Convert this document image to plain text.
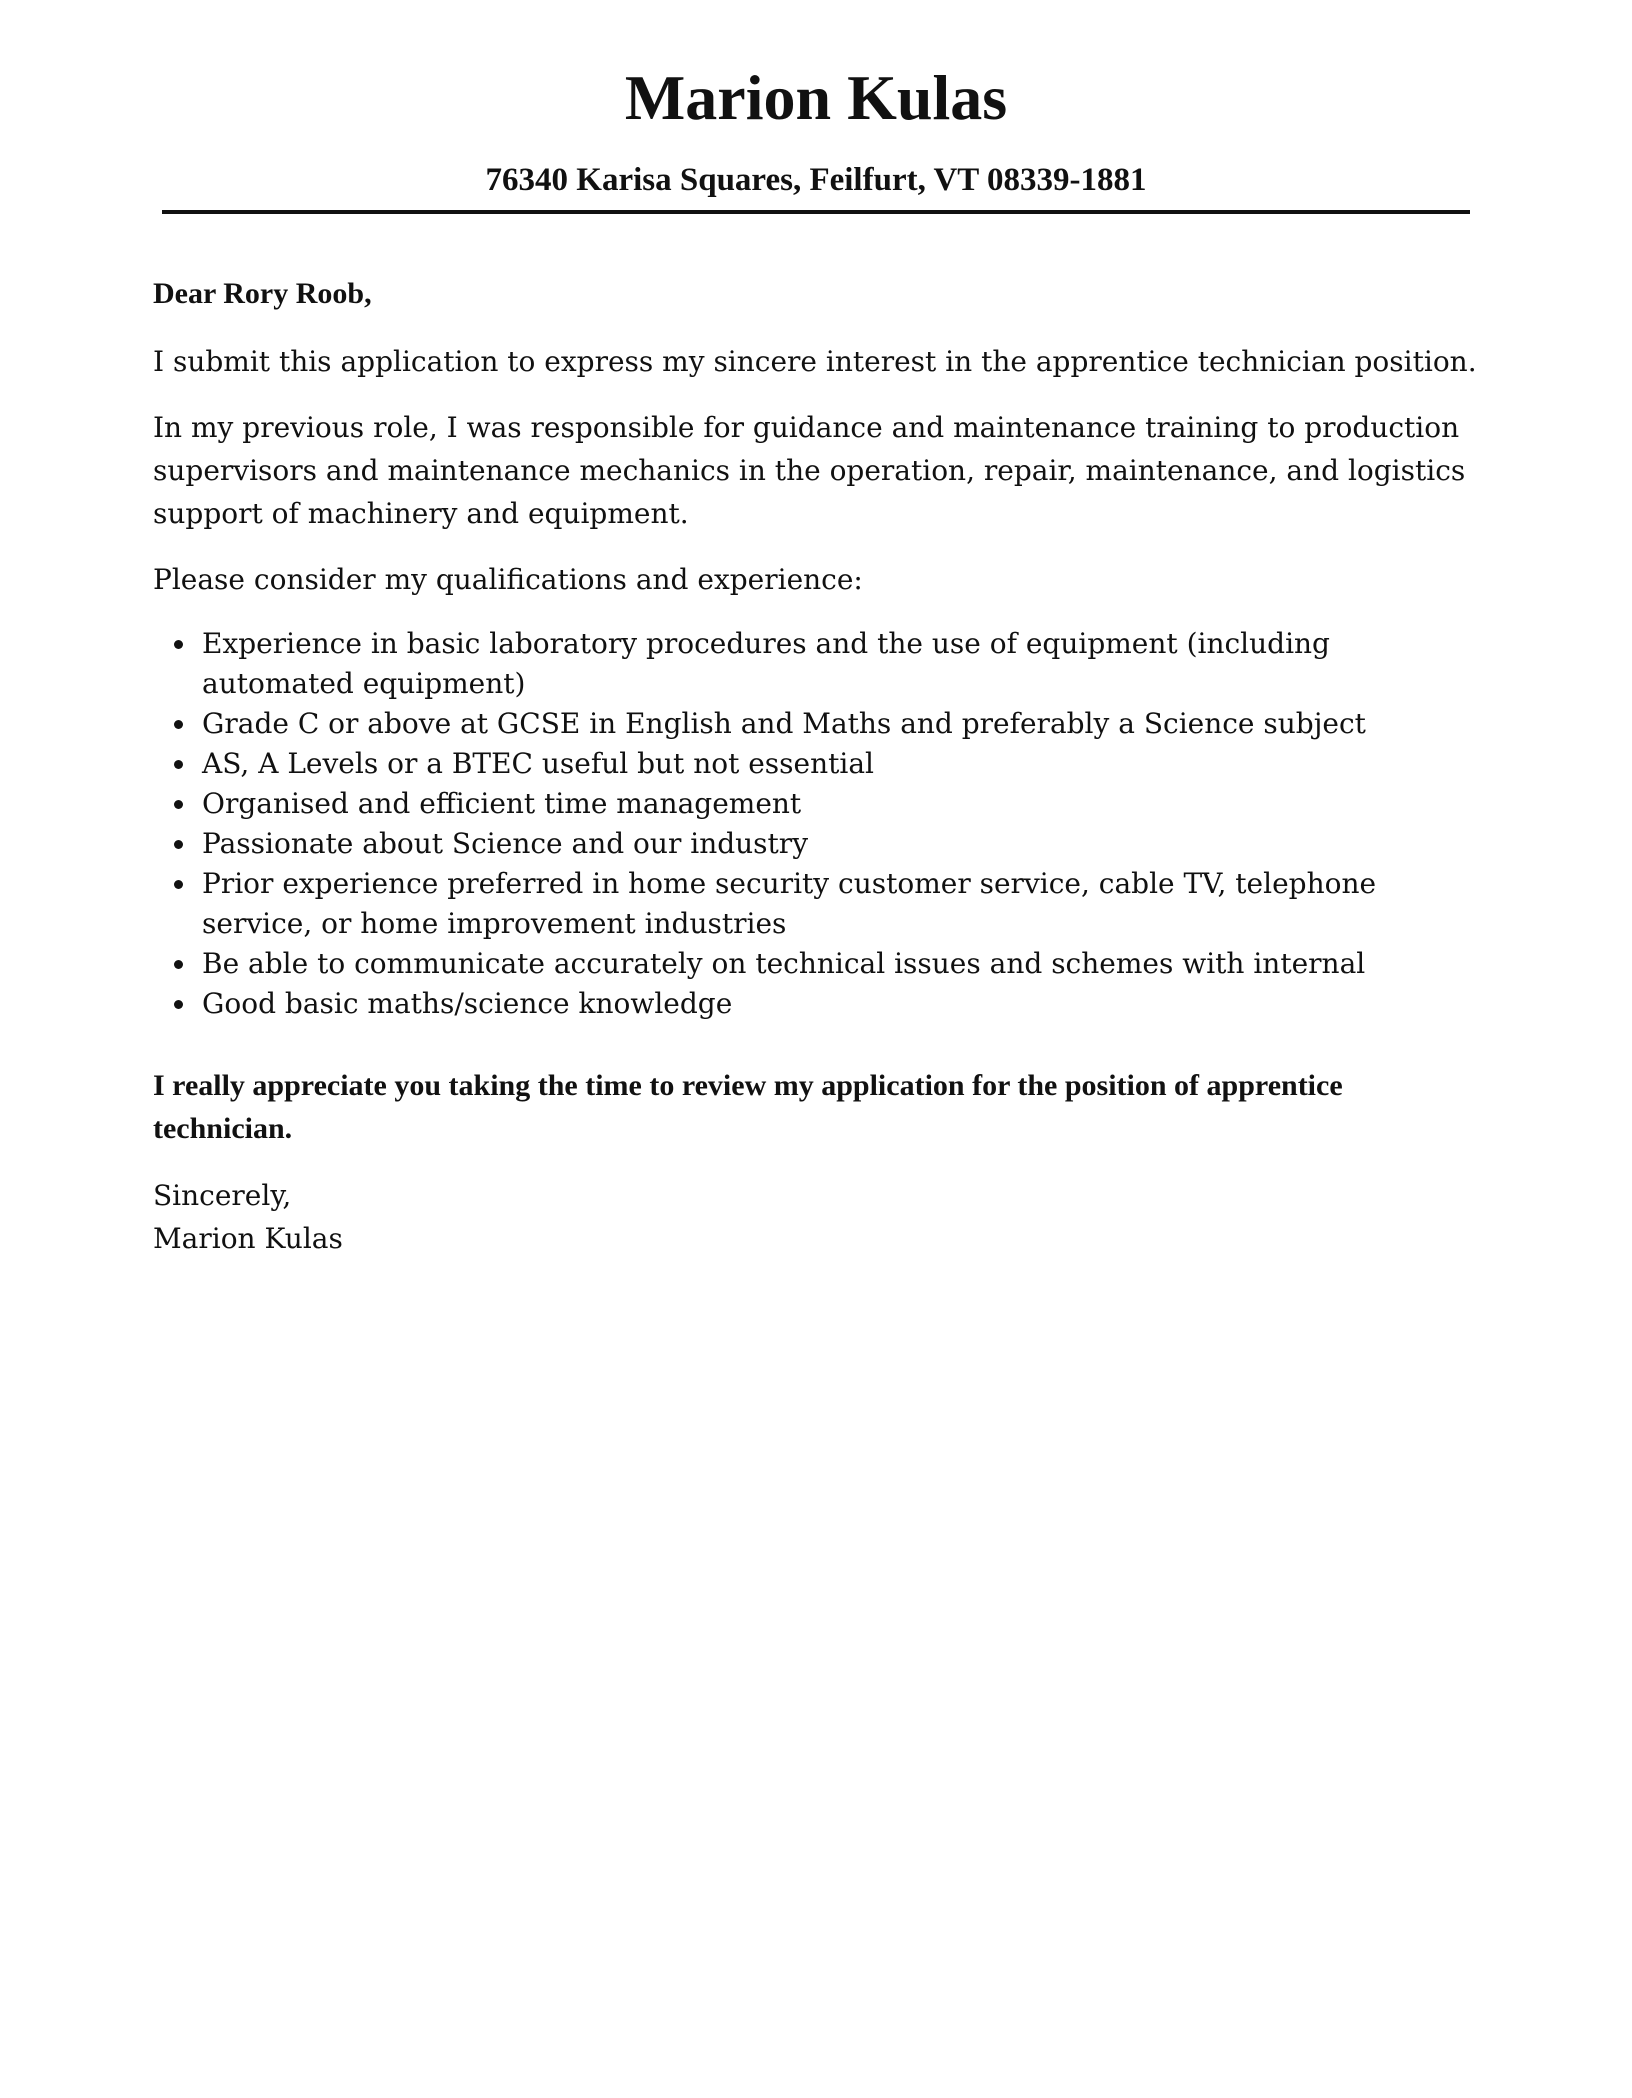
Marion Kulas

76340 Karisa Squares, Feilfurt, VT 08339-1881

Dear Rory Roob,

I submit this application to express my sincere interest in the apprentice technician position.

In my previous role, I was responsible for guidance and maintenance training to production supervisors and maintenance mechanics in the operation, repair, maintenance, and logistics support of machinery and equipment.

Please consider my qualifications and experience:

Experience in basic laboratory procedures and the use of equipment (including automated equipment)
Grade C or above at GCSE in English and Maths and preferably a Science subject
AS, A Levels or a BTEC useful but not essential
Organised and efficient time management
Passionate about Science and our industry
Prior experience preferred in home security customer service, cable TV, telephone service, or home improvement industries
Be able to communicate accurately on technical issues and schemes with internal
Good basic maths/science knowledge

I really appreciate you taking the time to review my application for the position of apprentice technician.

Sincerely,
Marion Kulas
